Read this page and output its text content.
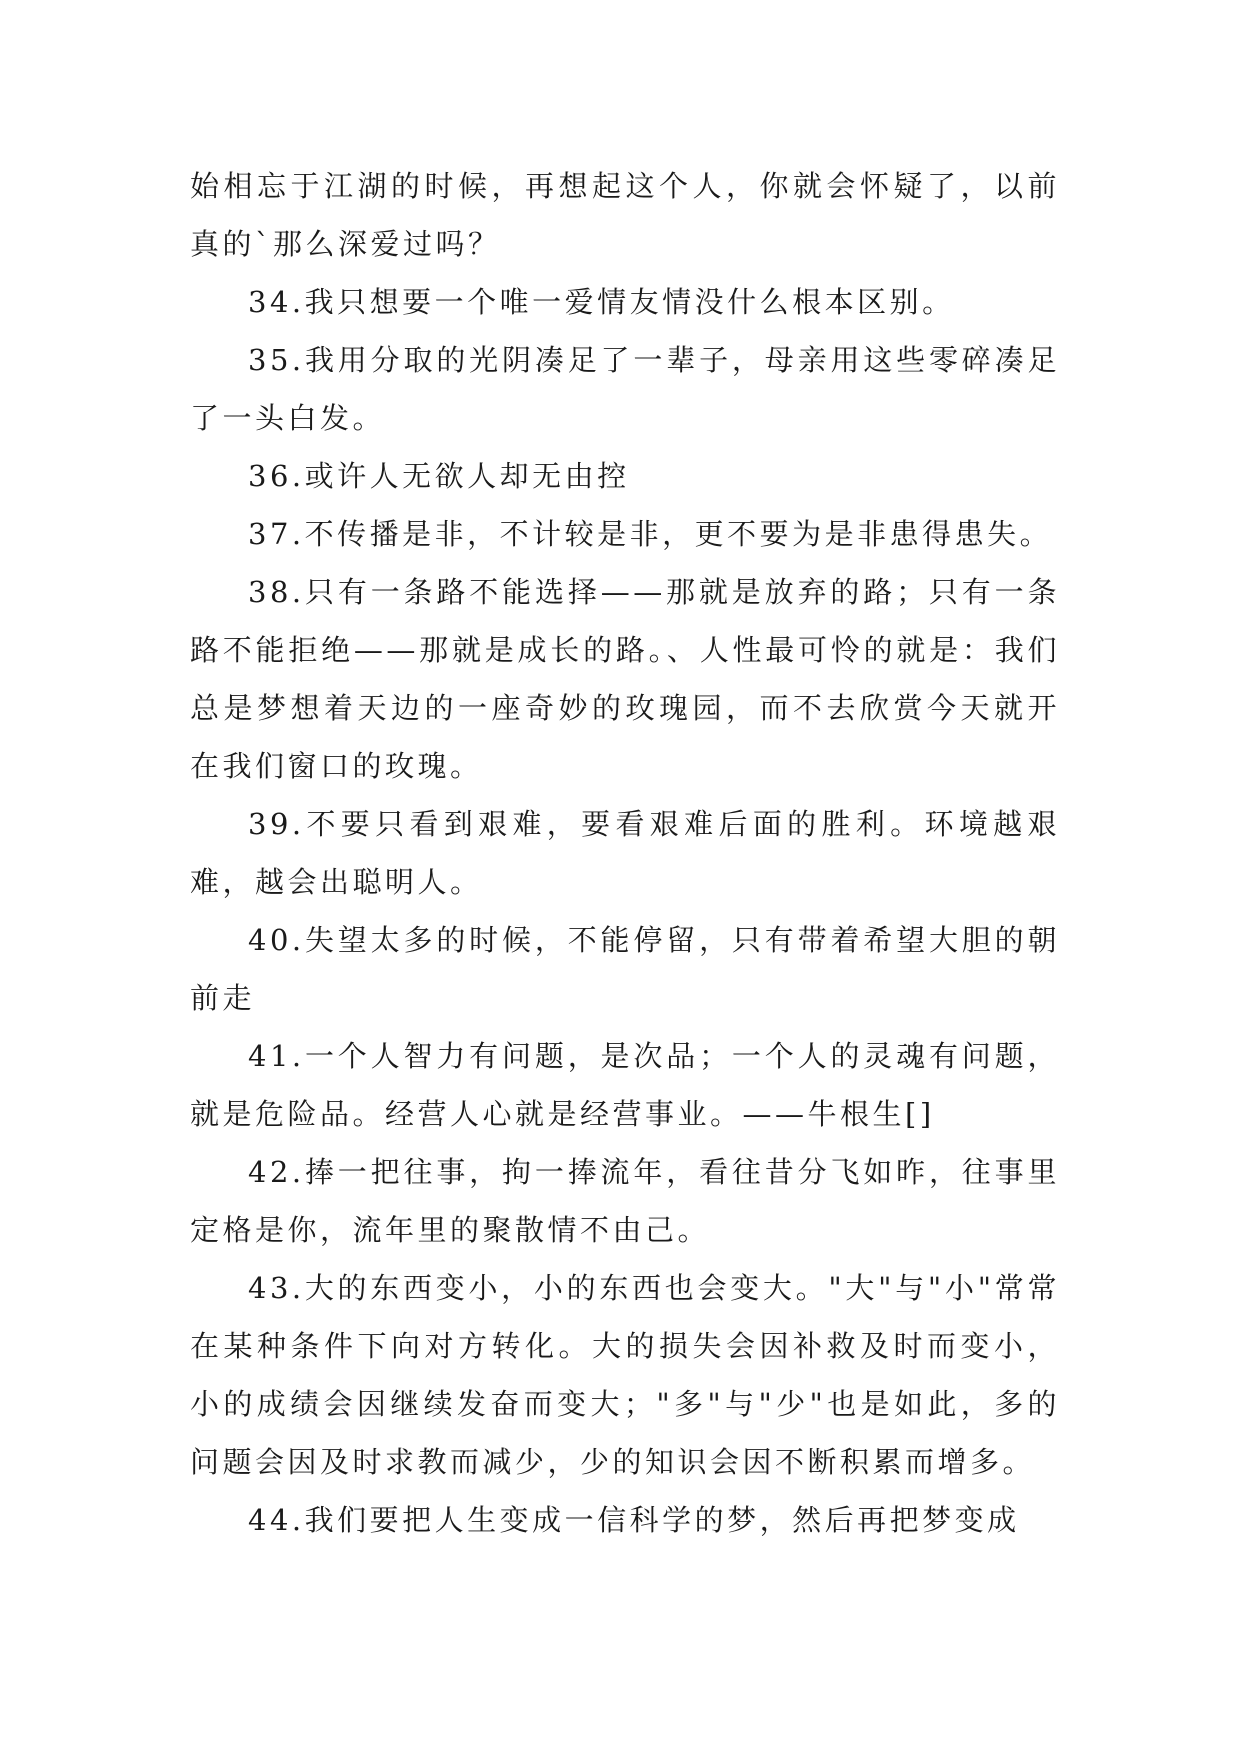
始相忘于江湖的时候，再想起这个人，你就会怀疑了，以前真的`那么深爱过吗？

34.我只想要一个唯一爱情友情没什么根本区别。

35.我用分取的光阴凑足了一辈子，母亲用这些零碎凑足了一头白发。

36.或许人无欲人却无由控

37.不传播是非，不计较是非，更不要为是非患得患失。

38.只有一条路不能选择——那就是放弃的路；只有一条路不能拒绝——那就是成长的路。、人性最可怜的就是：我们总是梦想着天边的一座奇妙的玫瑰园，而不去欣赏今天就开在我们窗口的玫瑰。

39.不要只看到艰难，要看艰难后面的胜利。环境越艰难，越会出聪明人。

40.失望太多的时候，不能停留，只有带着希望大胆的朝前走

41.一个人智力有问题，是次品；一个人的灵魂有问题，就是危险品。经营人心就是经营事业。——牛根生[]

42.捧一把往事，拘一捧流年，看往昔分飞如昨，往事里定格是你，流年里的聚散情不由己。

43.大的东西变小，小的东西也会变大。"大"与"小"常常在某种条件下向对方转化。大的损失会因补救及时而变小，小的成绩会因继续发奋而变大；"多"与"少"也是如此，多的问题会因及时求教而减少，少的知识会因不断积累而增多。

44.我们要把人生变成一信科学的梦，然后再把梦变成
